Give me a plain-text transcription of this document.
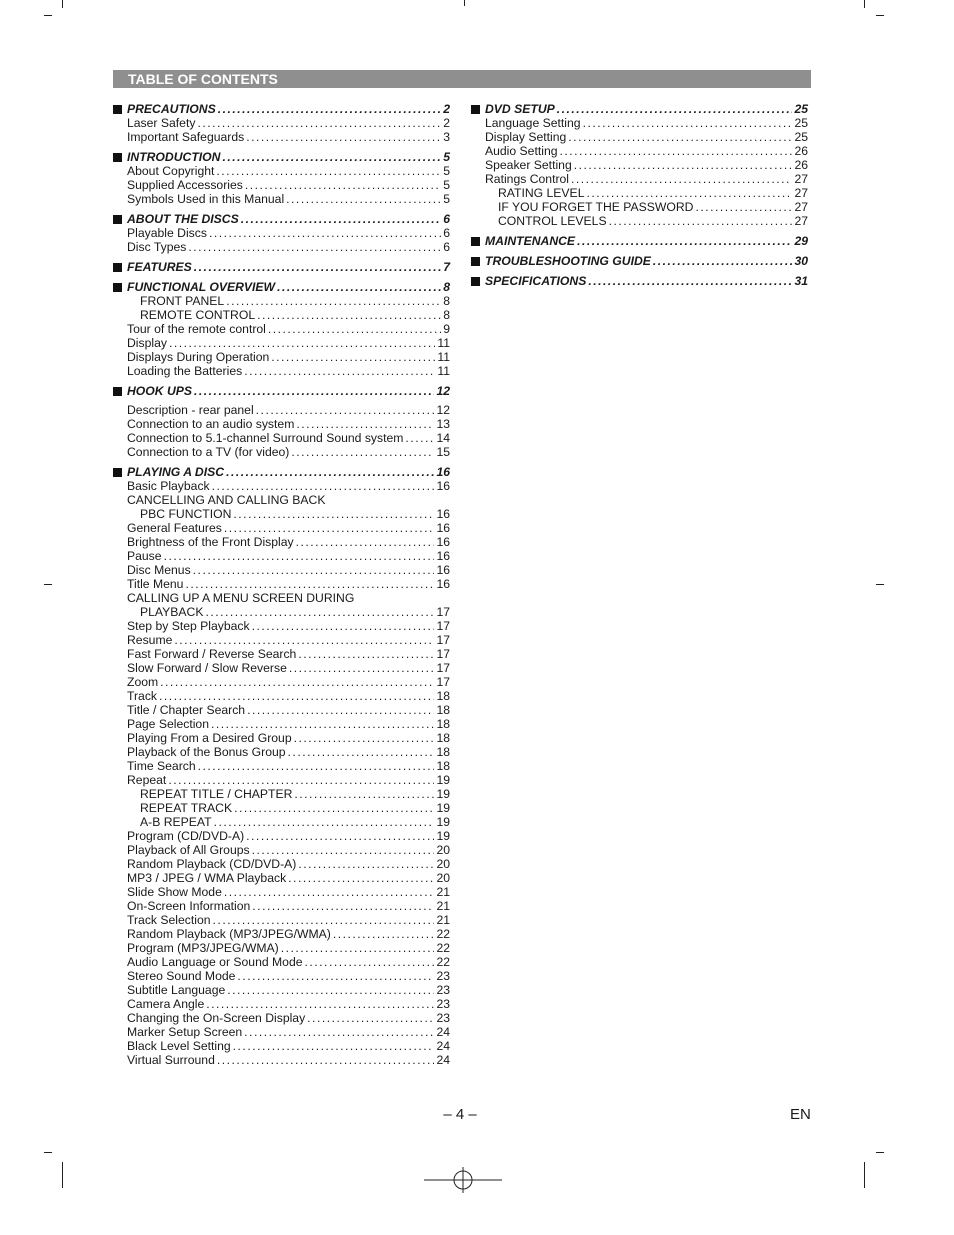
TABLE OF CONTENTS
PRECAUTIONS .....	2
Laser Safety .....	2
Important Safeguards .....	3
INTRODUCTION .....	5
About Copyright .....	5
Supplied Accessories .....	5
Symbols Used in this Manual .....	5
ABOUT THE DISCS .....	6
Playable Discs .....	6
Disc Types .....	6
FEATURES .....	7
FUNCTIONAL OVERVIEW .....	8
FRONT PANEL .....	8
REMOTE CONTROL .....	8
Tour of the remote control .....	9
Display .....	11
Displays During Operation .....	11
Loading the Batteries .....	11
HOOK UPS .....	12
Description - rear panel .....	12
Connection to an audio system .....	13
Connection to 5.1-channel Surround Sound system .....	14
Connection to a TV (for video) .....	15
PLAYING A DISC .....	16
Basic Playback .....	16
CANCELLING AND CALLING BACK
PBC FUNCTION .....	16
General Features .....	16
Brightness of the Front Display .....	16
Pause .....	16
Disc Menus .....	16
Title Menu .....	16
CALLING UP A MENU SCREEN DURING
PLAYBACK .....	17
Step by Step Playback .....	17
Resume .....	17
Fast Forward / Reverse Search .....	17
Slow Forward / Slow Reverse .....	17
Zoom .....	17
Track .....	18
Title / Chapter Search .....	18
Page Selection .....	18
Playing From a Desired Group .....	18
Playback of the Bonus Group .....	18
Time Search .....	18
Repeat .....	19
REPEAT TITLE / CHAPTER .....	19
REPEAT TRACK .....	19
A-B REPEAT .....	19
Program (CD/DVD-A) .....	19
Playback of All Groups .....	20
Random Playback (CD/DVD-A) .....	20
MP3 / JPEG / WMA Playback .....	20
Slide Show Mode .....	21
On-Screen Information .....	21
Track Selection .....	21
Random Playback (MP3/JPEG/WMA) .....	22
Program (MP3/JPEG/WMA) .....	22
Audio Language or Sound Mode .....	22
Stereo Sound Mode .....	23
Subtitle Language .....	23
Camera Angle .....	23
Changing the On-Screen Display .....	23
Marker Setup Screen .....	24
Black Level Setting .....	24
Virtual Surround .....	24
DVD SETUP .....	25
Language Setting .....	25
Display Setting .....	25
Audio Setting .....	26
Speaker Setting .....	26
Ratings Control .....	27
RATING LEVEL .....	27
IF YOU FORGET THE PASSWORD .....	27
CONTROL LEVELS .....	27
MAINTENANCE .....	29
TROUBLESHOOTING GUIDE .....	30
SPECIFICATIONS .....	31
– 4 –	EN
